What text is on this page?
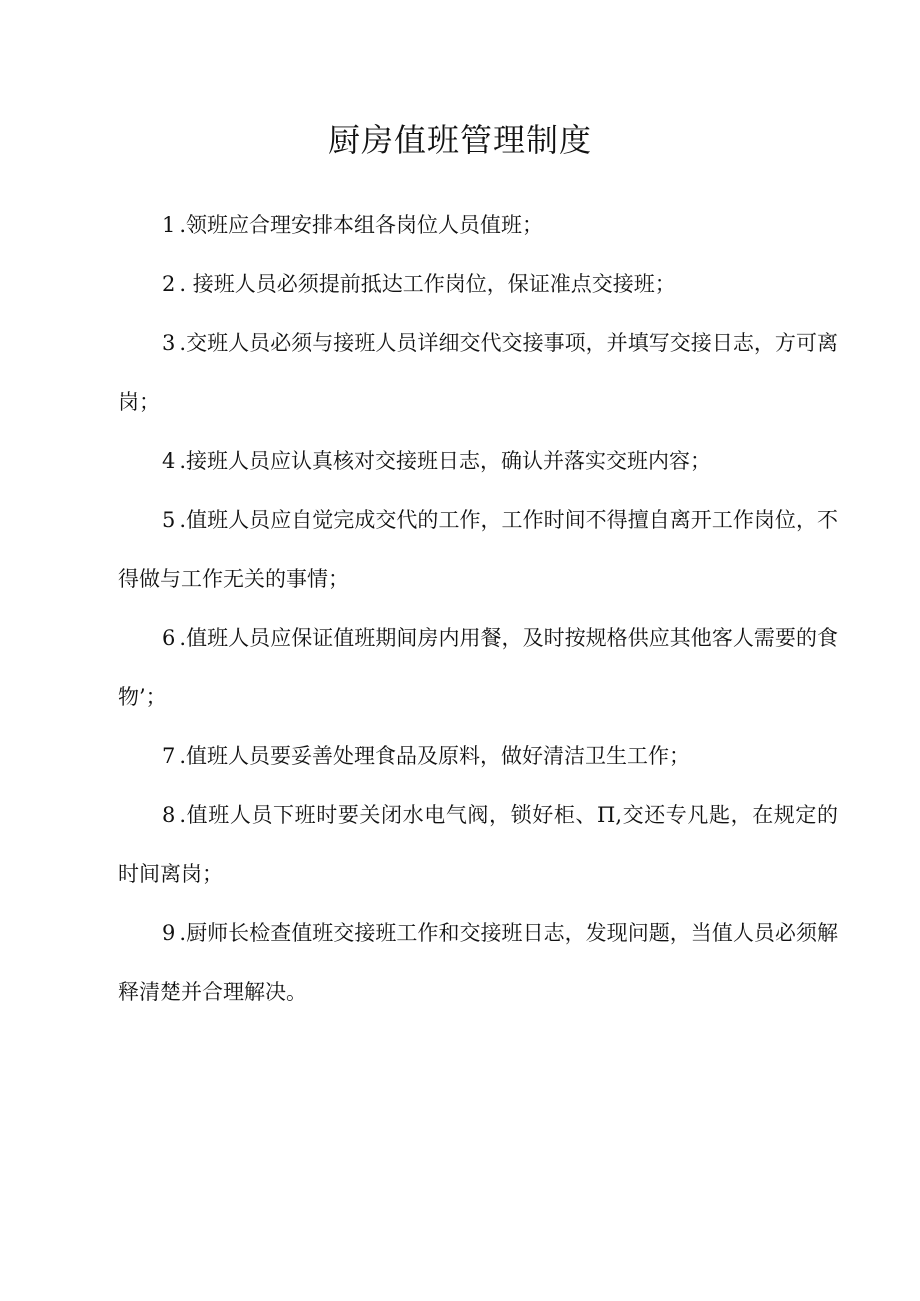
厨房值班管理制度

1 .领班应合理安排本组各岗位人员值班；

2 . 接班人员必须提前抵达工作岗位，保证准点交接班；

3 .交班人员必须与接班人员详细交代交接事项，并填写交接日志，方可离岗；

4 .接班人员应认真核对交接班日志，确认并落实交班内容；

5 .值班人员应自觉完成交代的工作，工作时间不得擅自离开工作岗位，不得做与工作无关的事情；

6 .值班人员应保证值班期间房内用餐，及时按规格供应其他客人需要的食物’；

7 .值班人员要妥善处理食品及原料，做好清洁卫生工作；

8 .值班人员下班时要关闭水电气阀，锁好柜、Π,交还专凡匙，在规定的时间离岗；

9 .厨师长检查值班交接班工作和交接班日志，发现问题，当值人员必须解释清楚并合理解决。
